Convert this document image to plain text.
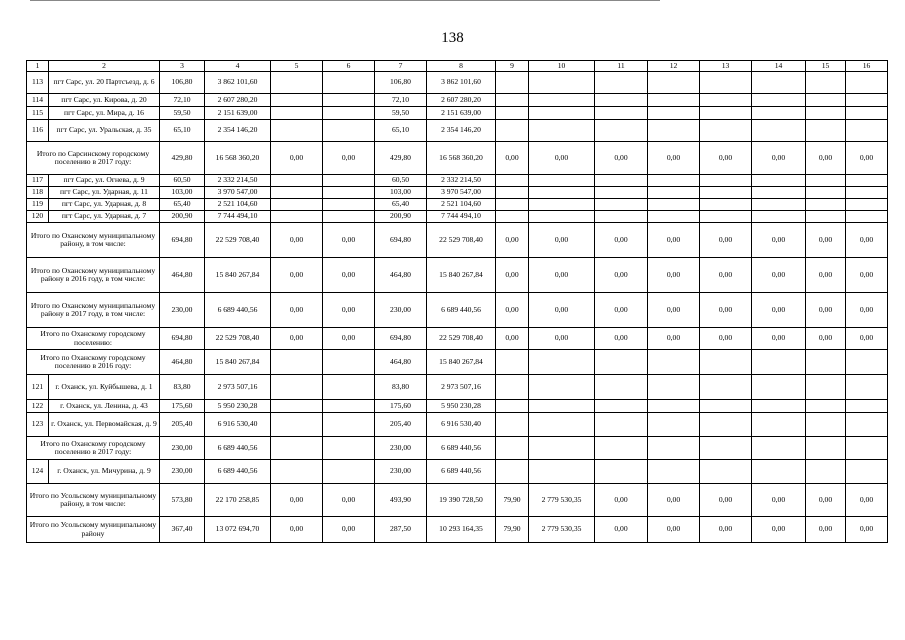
138
1	2	3	4	5	6	7	8	9	10	11	12	13	14	15	16
113	пгт Сарс, ул. 20 Партсъезд, д. 6	106,80	3 862 101,60			106,80	3 862 101,60								
114	пгт Сарс, ул. Кирова, д. 20	72,10	2 607 280,20			72,10	2 607 280,20								
115	пгт Сарс, ул. Мира, д. 16	59,50	2 151 639,00			59,50	2 151 639,00								
116	пгт Сарс, ул. Уральская, д. 35	65,10	2 354 146,20			65,10	2 354 146,20								
Итого по Сарсинскому городскому поселению в 2017 году:		429,80	16 568 360,20	0,00	0,00	429,80	16 568 360,20	0,00	0,00	0,00	0,00	0,00	0,00	0,00	0,00
117	пгт Сарс, ул. Огнева, д. 9	60,50	2 332 214,50			60,50	2 332 214,50								
118	пгт Сарс, ул. Ударная, д. 11	103,00	3 970 547,00			103,00	3 970 547,00								
119	пгт Сарс, ул. Ударная, д. 8	65,40	2 521 104,60			65,40	2 521 104,60								
120	пгт Сарс, ул. Ударная, д. 7	200,90	7 744 494,10			200,90	7 744 494,10								
Итого по Оханскому муниципальному району, в том числе:		694,80	22 529 708,40	0,00	0,00	694,80	22 529 708,40	0,00	0,00	0,00	0,00	0,00	0,00	0,00	0,00
Итого по Оханскому муниципальному району в 2016 году, в том числе:		464,80	15 840 267,84	0,00	0,00	464,80	15 840 267,84	0,00	0,00	0,00	0,00	0,00	0,00	0,00	0,00
Итого по Оханскому муниципальному району в 2017 году, в том числе:		230,00	6 689 440,56	0,00	0,00	230,00	6 689 440,56	0,00	0,00	0,00	0,00	0,00	0,00	0,00	0,00
Итого по Оханскому городскому поселению:		694,80	22 529 708,40	0,00	0,00	694,80	22 529 708,40	0,00	0,00	0,00	0,00	0,00	0,00	0,00	0,00
Итого по Оханскому городскому поселению в 2016 году:		464,80	15 840 267,84			464,80	15 840 267,84								
121	г. Оханск, ул. Куйбышева, д. 1	83,80	2 973 507,16			83,80	2 973 507,16								
122	г. Оханск, ул. Ленина, д. 43	175,60	5 950 230,28			175,60	5 950 230,28								
123	г. Оханск, ул. Первомайская, д. 9	205,40	6 916 530,40			205,40	6 916 530,40								
Итого по Оханскому городскому поселению в 2017 году:		230,00	6 689 440,56			230,00	6 689 440,56								
124	г. Оханск, ул. Мичурина, д. 9	230,00	6 689 440,56			230,00	6 689 440,56								
Итого по Усольскому муниципальному району, в том числе:		573,80	22 170 258,85	0,00	0,00	493,90	19 390 728,50	79,90	2 779 530,35	0,00	0,00	0,00	0,00	0,00	0,00
Итого по Усольскому муниципальному району		367,40	13 072 694,70	0,00	0,00	287,50	10 293 164,35	79,90	2 779 530,35	0,00	0,00	0,00	0,00	0,00	0,00
